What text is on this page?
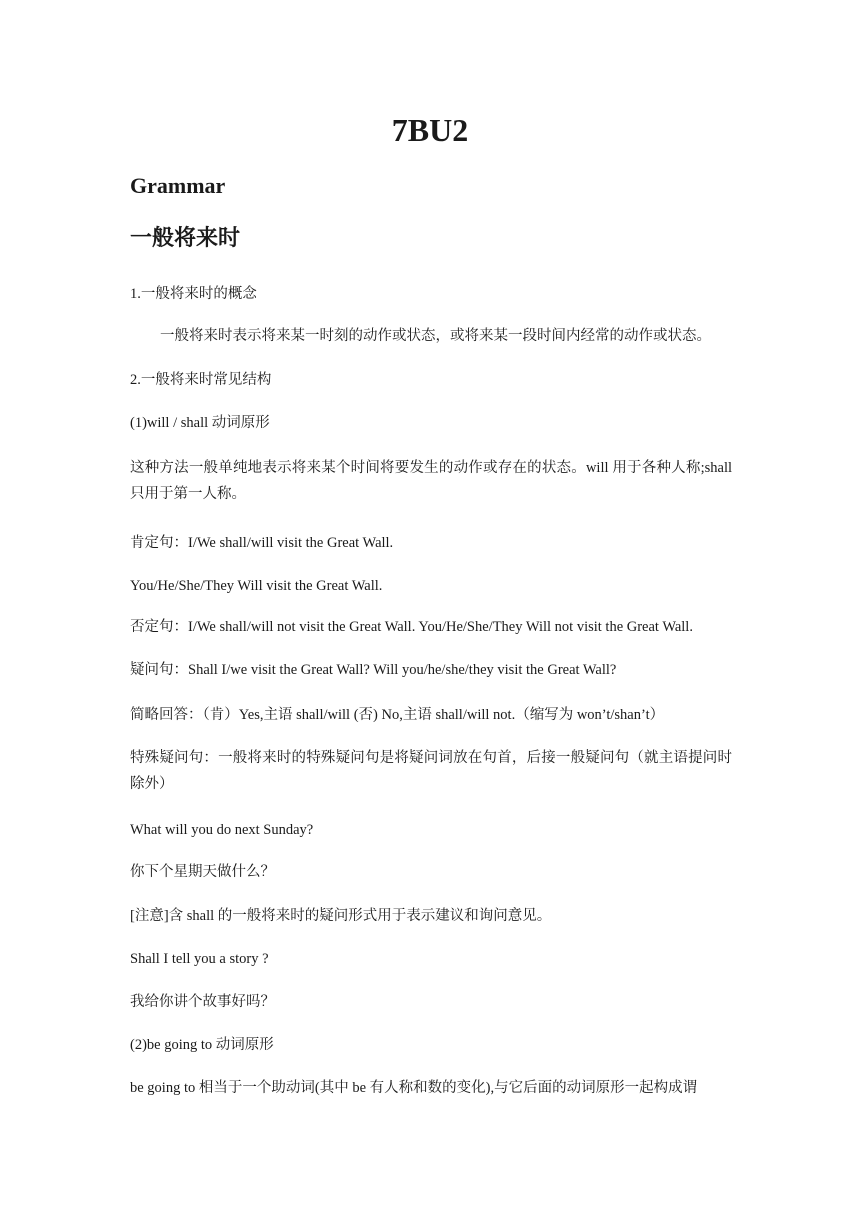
7BU2
Grammar
一般将来时
1.一般将来时的概念
一般将来时表示将来某一时刻的动作或状态，或将来某一段时间内经常的动作或状态。
2.一般将来时常见结构
(1)will / shall 动词原形
这种方法一般单纯地表示将来某个时间将要发生的动作或存在的状态。will 用于各种人称;shall 只用于第一人称。
肯定句：I/We shall/will visit the Great Wall.
You/He/She/They Will visit the Great Wall.
否定句：I/We shall/will not visit the Great Wall. You/He/She/They Will not visit the Great Wall.
疑问句：Shall I/we visit the Great Wall? Will you/he/she/they visit the Great Wall?
简略回答：（肯）Yes,主语 shall/will (否) No,主语 shall/will not.（缩写为 won’t/shan’t）
特殊疑问句：一般将来时的特殊疑问句是将疑问词放在句首，后接一般疑问句（就主语提问时除外）
What will you do next Sunday?
你下个星期天做什么？
[注意]含 shall 的一般将来时的疑问形式用于表示建议和询问意见。
Shall I tell you a story ?
我给你讲个故事好吗？
(2)be going to 动词原形
be going to 相当于一个助动词(其中 be 有人称和数的变化),与它后面的动词原形一起构成谓
